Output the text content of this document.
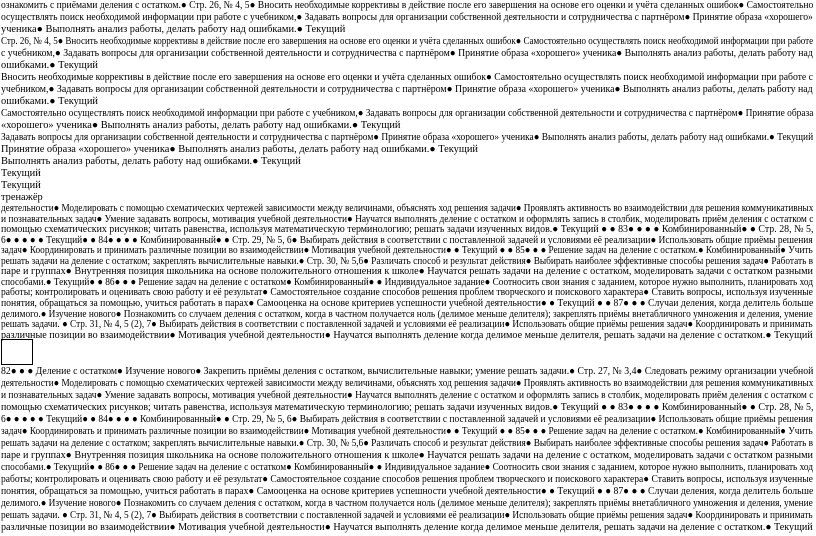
ознакомить с приёмами деления с остатком.● Стр. 26, № 4, 5● Вносить необходимые коррективы в действие после его завершения на основе его оценки и учёта сделанных ошибок● Самостоятельно
осуществлять поиск необходимой информации при работе с учебником,● Задавать вопросы для организации собственной деятельности и сотрудничества с партнёром● Принятие образа «хорошего»
ученика● Выполнять анализ работы, делать работу над ошибками.● Текущий
Стр. 26, № 4, 5● Вносить необходимые коррективы в действие после его завершения на основе его оценки и учёта сделанных ошибок● Самостоятельно осуществлять поиск необходимой информации при работе
с учебником,● Задавать вопросы для организации собственной деятельности и сотрудничества с партнёром● Принятие образа «хорошего» ученика● Выполнять анализ работы, делать работу над
ошибками.● Текущий
Вносить необходимые коррективы в действие после его завершения на основе его оценки и учёта сделанных ошибок● Самостоятельно осуществлять поиск необходимой информации при работе с
учебником,● Задавать вопросы для организации собственной деятельности и сотрудничества с партнёром● Принятие образа «хорошего» ученика● Выполнять анализ работы, делать работу над
ошибками.● Текущий
Самостоятельно осуществлять поиск необходимой информации при работе с учебником,● Задавать вопросы для организации собственной деятельности и сотрудничества с партнёром● Принятие образа
«хорошего» ученика● Выполнять анализ работы, делать работу над ошибками.● Текущий
Задавать вопросы для организации собственной деятельности и сотрудничества с партнёром● Принятие образа «хорошего» ученика● Выполнять анализ работы, делать работу над ошибками.● Текущий
Принятие образа «хорошего» ученика● Выполнять анализ работы, делать работу над ошибками.● Текущий
Выполнять анализ работы, делать работу над ошибками.● Текущий
Текущий
Текущий
тренажёр
деятельности● Моделировать с помощью схематических чертежей зависимости между величинами, объяснять ход решения задачи● Проявлять активность во взаимодействии для решения коммуникативных
и познавательных задач● Умение задавать вопросы, мотивация учебной деятельности● Научатся выполнять деление с остатком и оформлять запись в столбик, моделировать приём деления с остатком с
помощью схематических рисунков; читать равенства, используя математическую терминологию; решать задачи изученных видов.● Текущий ● ● 83● ● ● ● Комбинированный● ● Стр. 28, № 5,
6● ● ● ● ● Текущий● ● 84● ● ● ● Комбинированный● ● Стр. 29, № 5, 6● Выбирать действия в соответствии с поставленной задачей и условиями её реализации● Использовать общие приёмы решения
задач● Координировать и принимать различные позиции во взаимодействии● Мотивация учебной деятельности● ● Текущий ● ● 85● ● ● Решение задач на деление с остатком.● Комбинированный● Учить
решать задачи на деление с остатком; закреплять вычислительные навыки.● Стр. 30, № 5,6● Различать способ и результат действия● Выбирать наиболее эффективные способы решения задач● Работать в
паре и группах● Внутренняя позиция школьника на основе положительного отношения к школе● Научатся решать задачи на деление с остатком, моделировать задачи с остатком разными
способами.● Текущий● ● 86● ● ● Решение задач на деление с остатком● Комбинированный● ● Индивидуальное задание● Соотносить свои знания с заданием, которое нужно выполнить, планировать ход
работы; контролировать и оценивать свою работу и её результат● Самостоятельное создание способов решения проблем творческого и поискового характера● Ставить вопросы, используя изученные
понятия, обращаться за помощью, учиться работать в парах● Самооценка на основе критериев успешности учебной деятельности● ● Текущий ● ● 87● ● ● Случаи деления, когда делитель больше
82● ● ● Деление с остатком● Изучение нового● Закрепить приёмы деления с остатком, вычислительные навыки; умение решать задачи.● Стр. 27, № 3,4● Следовать режиму организации учебной
деятельности● Моделировать с помощью схематических чертежей зависимости между величинами, объяснять ход решения задачи● Проявлять активность во взаимодействии для решения коммуникативных
и познавательных задач● Умение задавать вопросы, мотивация учебной деятельности● Научатся выполнять деление с остатком и оформлять запись в столбик, моделировать приём деления с остатком с
помощью схематических рисунков; читать равенства, используя математическую терминологию; решать задачи изученных видов.● Текущий ● ● 83● ● ● ● Комбинированный● ● Стр. 28, № 5,
6● ● ● ● ● Текущий● ● 84● ● ● ● Комбинированный● ● Стр. 29, № 5, 6● Выбирать действия в соответствии с поставленной задачей и условиями её реализации● Использовать общие приёмы решения
задач● Координировать и принимать различные позиции во взаимодействии● Мотивация учебной деятельности● ● Текущий ● ● 85● ● ● Решение задач на деление с остатком.● Комбинированный● Учить
решать задачи на деление с остатком; закреплять вычислительные навыки.● Стр. 30, № 5,6● Различать способ и результат действия● Выбирать наиболее эффективные способы решения задач● Работать в
паре и группах● Внутренняя позиция школьника на основе положительного отношения к школе● Научатся решать задачи на деление с остатком, моделировать задачи с остатком разными
способами.● Текущий● ● 86● ● ● Решение задач на деление с остатком● Комбинированный● ● Индивидуальное задание● Соотносить свои знания с заданием, которое нужно выполнить, планировать ход
работы; контролировать и оценивать свою работу и её результат● Самостоятельное создание способов решения проблем творческого и поискового характера● Ставить вопросы, используя изученные
понятия, обращаться за помощью, учиться работать в парах● Самооценка на основе критериев успешности учебной деятельности● ● Текущий ● ● 87● ● ● Случаи деления, когда делитель больше
делимого.● Изучение нового● Познакомить со случаем деления с остатком, когда в частном получается ноль (делимое меньше делителя); закреплять приёмы внетабличного умножения и деления, умение
решать задачи. ● Стр. 31, № 4, 5 (2), 7● Выбирать действия в соответствии с поставленной задачей и условиями её реализации● Использовать общие приёмы решения задач● Координировать и принимать
различные позиции во взаимодействии● Мотивация учебной деятельности● Научатся выполнять деление когда делимое меньше делителя, решать задачи на деление с остатком.● Текущий
делимого.● Изучение нового● Познакомить со случаем деления с остатком, когда в частном получается ноль (делимое меньше делителя); закреплять приёмы внетабличного умножения и деления, умение
решать задачи. ● Стр. 31, № 4, 5 (2), 7● Выбирать действия в соответствии с поставленной задачей и условиями её реализации● Использовать общие приёмы решения задач● Координировать и принимать
различные позиции во взаимодействии● Мотивация учебной деятельности● Научатся выполнять деление когда делимое меньше делителя, решать задачи на деление с остатком.● Текущий
